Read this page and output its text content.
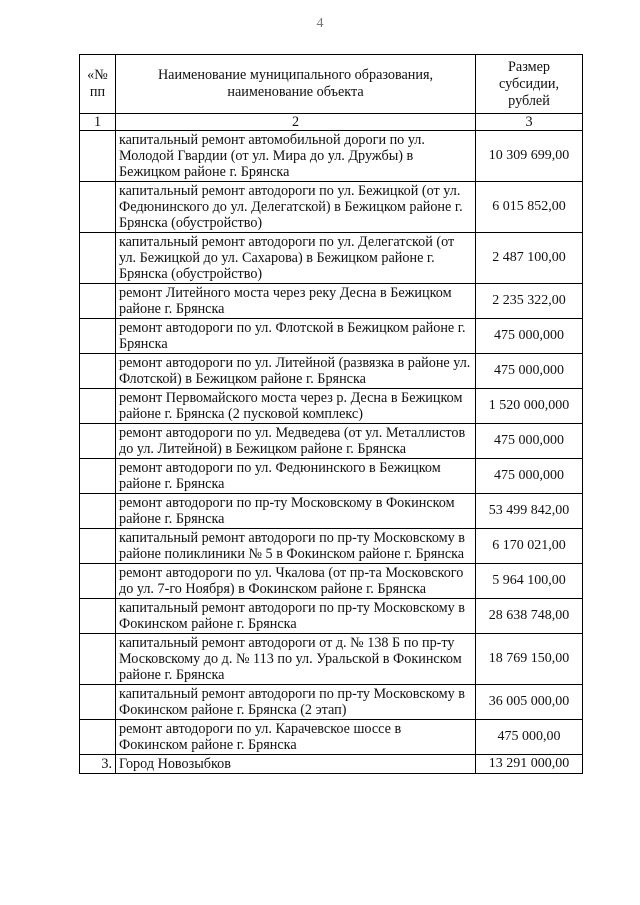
4
«№ пп	Наименование муниципального образования, наименование объекта	Размер субсидии, рублей
1	2	3
	капитальный ремонт автомобильной дороги по ул. Молодой Гвардии (от ул. Мира до ул. Дружбы) в Бежицком районе г. Брянска	10 309 699,00
	капитальный ремонт автодороги по ул. Бежицкой (от ул. Федюнинского до ул. Делегатской) в Бежицком районе г. Брянска (обустройство)	6 015 852,00
	капитальный ремонт автодороги по ул. Делегатской (от ул. Бежицкой до ул. Сахарова) в Бежицком районе г. Брянска (обустройство)	2 487 100,00
	ремонт Литейного моста через реку Десна в Бежицком районе г. Брянска	2 235 322,00
	ремонт автодороги по ул. Флотской в Бежицком районе г. Брянска	475 000,000
	ремонт автодороги по ул. Литейной (развязка в районе ул. Флотской) в Бежицком районе г. Брянска	475 000,000
	ремонт Первомайского моста через р. Десна в Бежицком районе г. Брянска (2 пусковой комплекс)	1 520 000,000
	ремонт автодороги по ул. Медведева (от ул. Металлистов до ул. Литейной) в Бежицком районе г. Брянска	475 000,000
	ремонт автодороги по ул. Федюнинского в Бежицком районе г. Брянска	475 000,000
	ремонт автодороги по пр-ту Московскому в Фокинском районе г. Брянска	53 499 842,00
	капитальный ремонт автодороги по пр-ту Московскому в районе поликлиники № 5 в Фокинском районе г. Брянска	6 170 021,00
	ремонт автодороги по ул. Чкалова (от пр-та Московского до ул. 7-го Ноября) в Фокинском районе г. Брянска	5 964 100,00
	капитальный ремонт автодороги по пр-ту Московскому в Фокинском районе г. Брянска	28 638 748,00
	капитальный ремонт автодороги от д. № 138 Б по пр-ту Московскому до д. № 113 по ул. Уральской в Фокинском районе г. Брянска	18 769 150,00
	капитальный ремонт автодороги по пр-ту Московскому в Фокинском районе г. Брянска (2 этап)	36 005 000,00
	ремонт автодороги по ул. Карачевское шоссе в Фокинском районе г. Брянска	475 000,00
3.	Город Новозыбков	13 291 000,00
